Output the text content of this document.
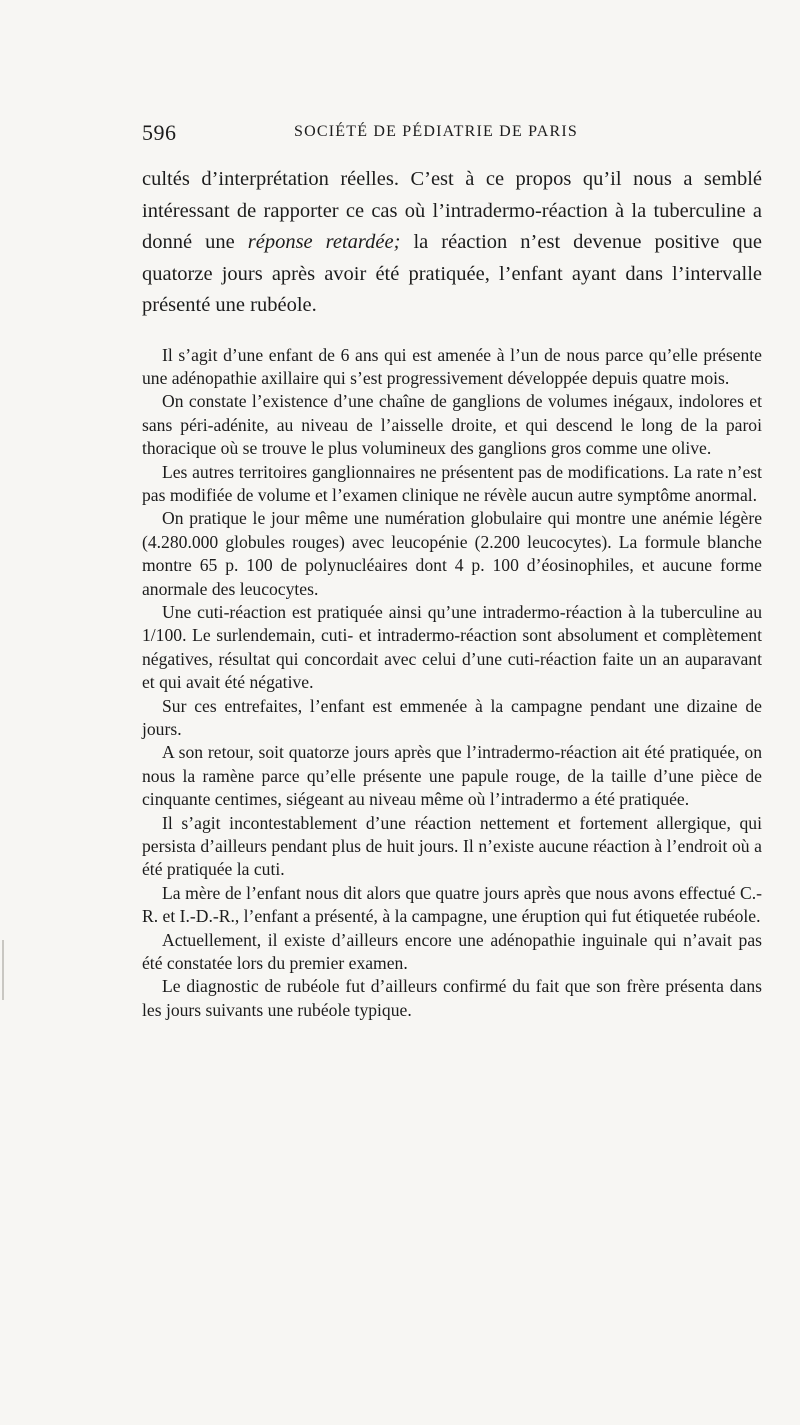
596	SOCIÉTÉ DE PÉDIATRIE DE PARIS

cultés d’interprétation réelles. C’est à ce propos qu’il nous a semblé intéressant de rapporter ce cas où l’intradermo-réaction à la tuberculine a donné une réponse retardée; la réaction n’est devenue positive que quatorze jours après avoir été pratiquée, l’enfant ayant dans l’intervalle présenté une rubéole.

Il s’agit d’une enfant de 6 ans qui est amenée à l’un de nous parce qu’elle présente une adénopathie axillaire qui s’est progressivement développée depuis quatre mois.

On constate l’existence d’une chaîne de ganglions de volumes inégaux, indolores et sans péri-adénite, au niveau de l’aisselle droite, et qui descend le long de la paroi thoracique où se trouve le plus volumineux des ganglions gros comme une olive.

Les autres territoires ganglionnaires ne présentent pas de modifications. La rate n’est pas modifiée de volume et l’examen clinique ne révèle aucun autre symptôme anormal.

On pratique le jour même une numération globulaire qui montre une anémie légère (4.280.000 globules rouges) avec leucopénie (2.200 leucocytes). La formule blanche montre 65 p. 100 de polynucléaires dont 4 p. 100 d’éosinophiles, et aucune forme anormale des leucocytes.

Une cuti-réaction est pratiquée ainsi qu’une intradermo-réaction à la tuberculine au 1/100. Le surlendemain, cuti- et intradermo-réaction sont absolument et complètement négatives, résultat qui concordait avec celui d’une cuti-réaction faite un an auparavant et qui avait été négative.

Sur ces entrefaites, l’enfant est emmenée à la campagne pendant une dizaine de jours.

A son retour, soit quatorze jours après que l’intradermo-réaction ait été pratiquée, on nous la ramène parce qu’elle présente une papule rouge, de la taille d’une pièce de cinquante centimes, siégeant au niveau même où l’intradermo a été pratiquée.

Il s’agit incontestablement d’une réaction nettement et fortement allergique, qui persista d’ailleurs pendant plus de huit jours. Il n’existe aucune réaction à l’endroit où a été pratiquée la cuti.

La mère de l’enfant nous dit alors que quatre jours après que nous avons effectué C.-R. et I.-D.-R., l’enfant a présenté, à la campagne, une éruption qui fut étiquetée rubéole.

Actuellement, il existe d’ailleurs encore une adénopathie inguinale qui n’avait pas été constatée lors du premier examen.

Le diagnostic de rubéole fut d’ailleurs confirmé du fait que son frère présenta dans les jours suivants une rubéole typique.
